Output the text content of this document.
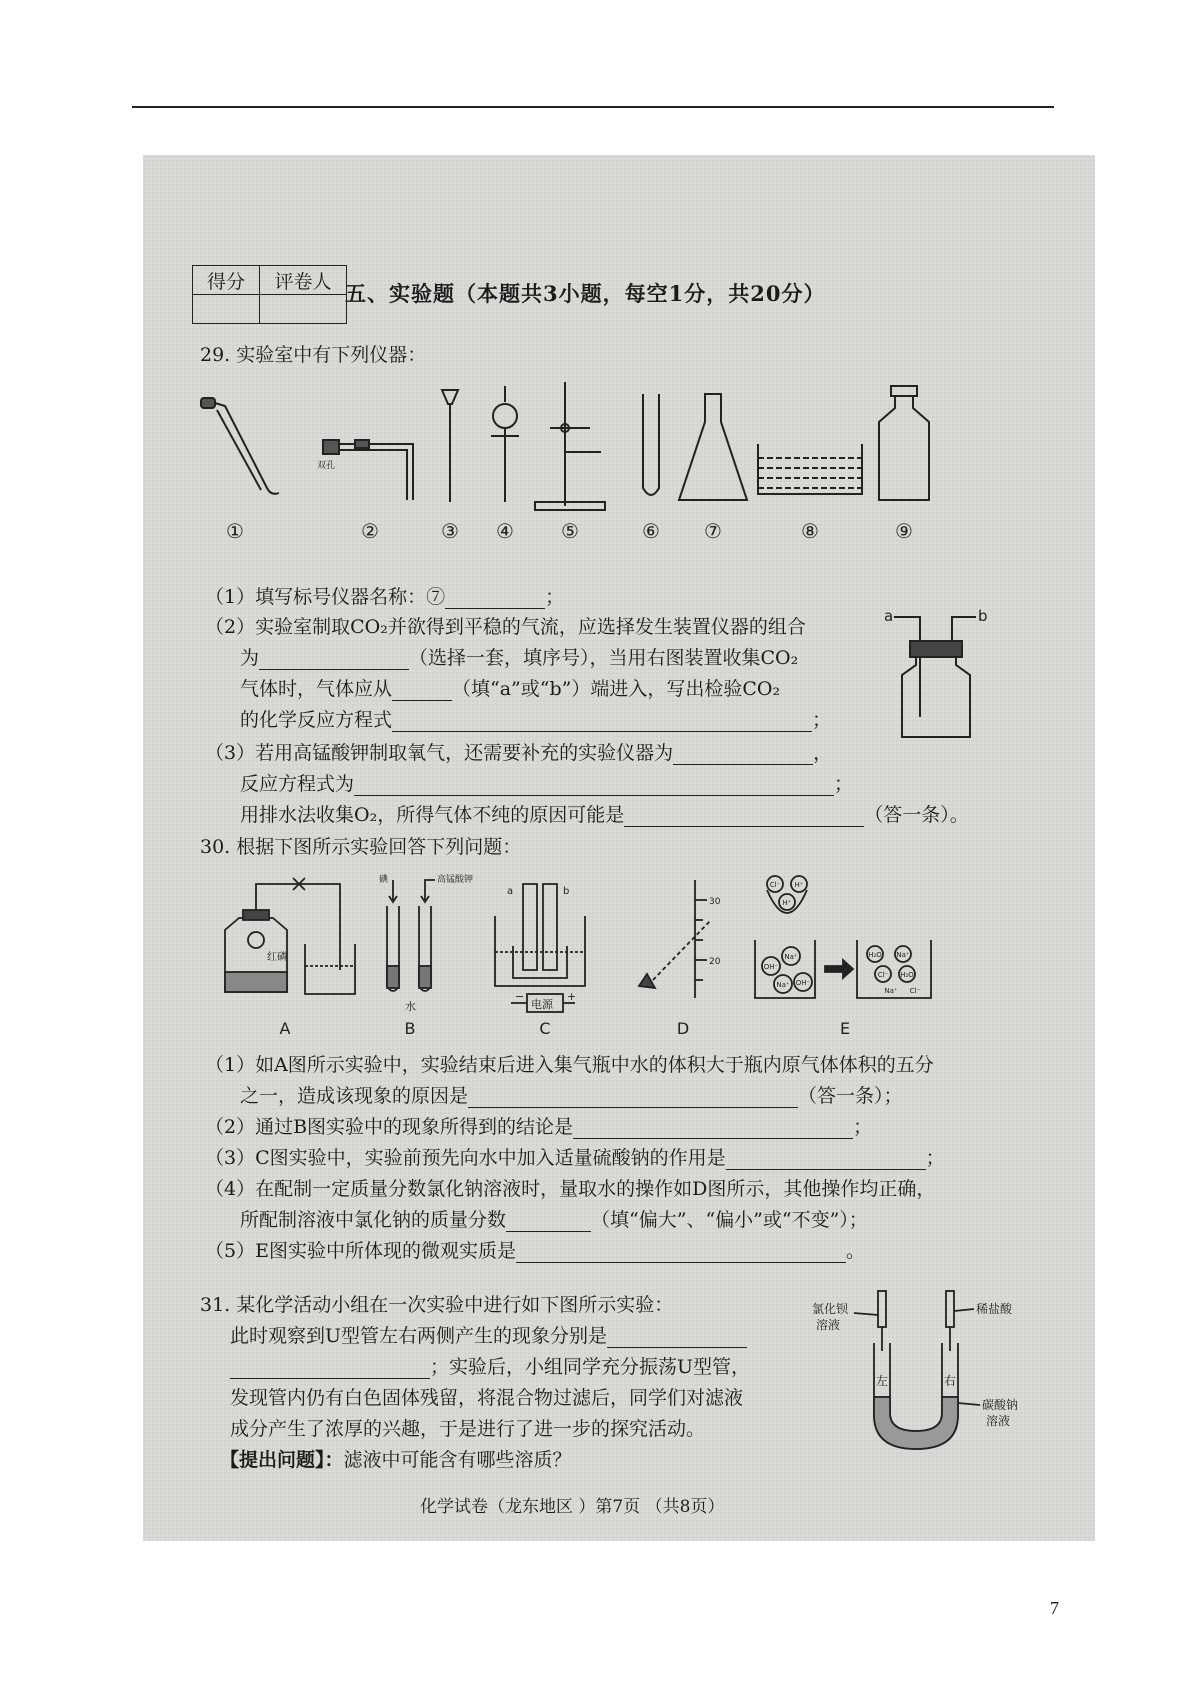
得分	评卷人
	五、实验题（本题共3小题，每空1分，共20分）
29. 实验室中有下列仪器：
双孔
①	②	③ ④ ⑤	⑥ ⑦	⑧	⑨
（1）填写标号仪器名称：⑦	；
（2）实验室制取CO₂并欲得到平稳的气流，应选择发生装置仪器的组合
为	（选择一套，填序号），当用右图装置收集CO₂
气体时，气体应从	（填“a”或“b”）端进入，写出检验CO₂
的化学反应方程式	；
a	b
（3）若用高锰酸钾制取氧气，还需要补充的实验仪器为	，
反应方程式为	；
用排水法收集O₂，所得气体不纯的原因可能是	（答一条）。
30. 根据下图所示实验回答下列问题：
红磷
碘	高锰酸钾
水
a	b
电源
−	+
30
20
Cl⁻ H⁺
H⁺
OH⁻
Na⁺
Na⁺ OH⁻
H₂O Na⁺
Cl⁻ H₂O
Na⁺ Cl⁻
A	B	C	D	E
（1）如A图所示实验中，实验结束后进入集气瓶中水的体积大于瓶内原气体体积的五分
之一，造成该现象的原因是	（答一条）；
（2）通过B图实验中的现象所得到的结论是	；
（3）C图实验中，实验前预先向水中加入适量硫酸钠的作用是	；
（4）在配制一定质量分数氯化钠溶液时，量取水的操作如D图所示，其他操作均正确，
所配制溶液中氯化钠的质量分数	（填“偏大”、“偏小”或“不变”）；
（5）E图实验中所体现的微观实质是	。
31. 某化学活动小组在一次实验中进行如下图所示实验：
此时观察到U型管左右两侧产生的现象分别是
；实验后，小组同学充分振荡U型管，
发现管内仍有白色固体残留，将混合物过滤后，同学们对滤液
成分产生了浓厚的兴趣，于是进行了进一步的探究活动。
【提出问题】：滤液中可能含有哪些溶质？
氯化钡
溶液
稀盐酸
左	右
碳酸钠
溶液
化学试卷（龙东地区 ）第7页 （共8页）
7
